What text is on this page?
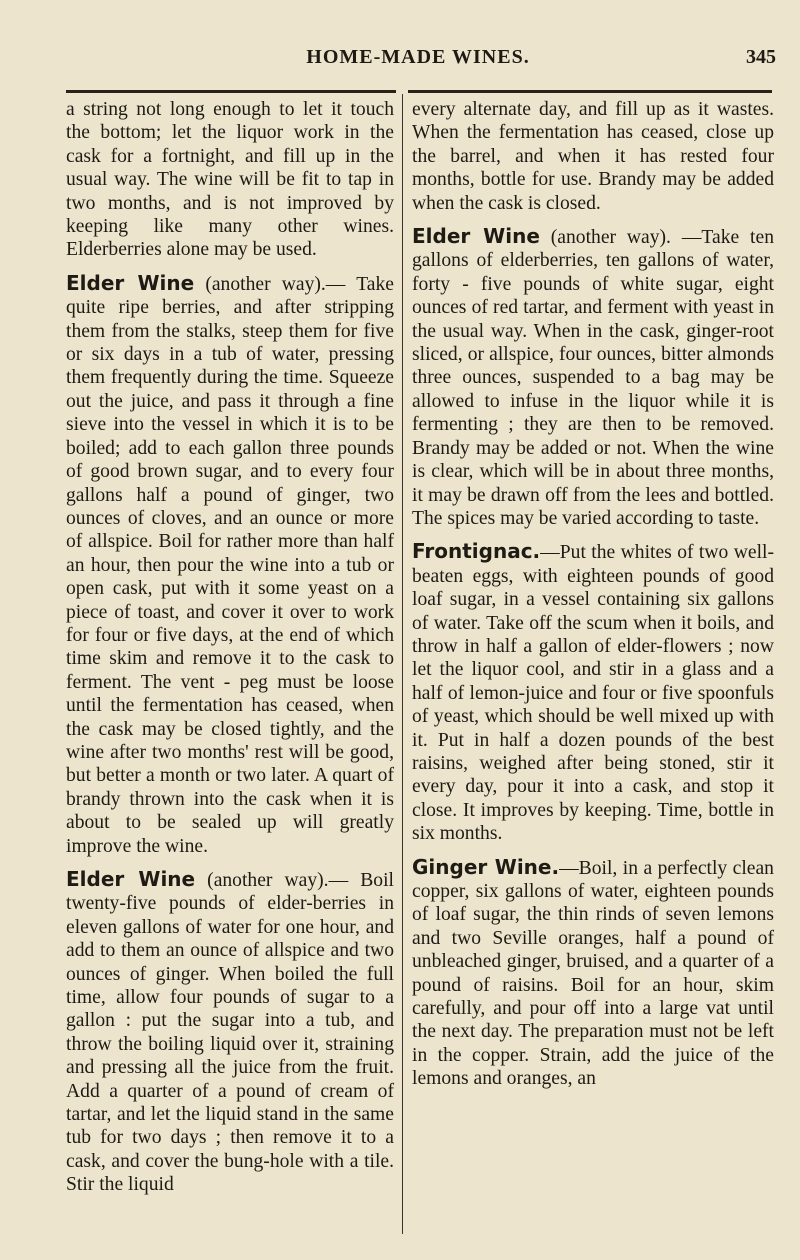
HOME-MADE WINES.	345

a string not long enough to let it touch the bottom; let the liquor work in the cask for a fortnight, and fill up in the usual way. The wine will be fit to tap in two months, and is not improved by keeping like many other wines. Elderberries alone may be used.

Elder Wine (another way).— Take quite ripe berries, and after stripping them from the stalks, steep them for five or six days in a tub of water, pressing them frequently during the time. Squeeze out the juice, and pass it through a fine sieve into the vessel in which it is to be boiled; add to each gallon three pounds of good brown sugar, and to every four gallons half a pound of ginger, two ounces of cloves, and an ounce or more of allspice. Boil for rather more than half an hour, then pour the wine into a tub or open cask, put with it some yeast on a piece of toast, and cover it over to work for four or five days, at the end of which time skim and remove it to the cask to ferment. The vent - peg must be loose until the fermentation has ceased, when the cask may be closed tightly, and the wine after two months' rest will be good, but better a month or two later. A quart of brandy thrown into the cask when it is about to be sealed up will greatly improve the wine.

Elder Wine (another way).— Boil twenty-five pounds of elder-berries in eleven gallons of water for one hour, and add to them an ounce of allspice and two ounces of ginger. When boiled the full time, allow four pounds of sugar to a gallon : put the sugar into a tub, and throw the boiling liquid over it, straining and pressing all the juice from the fruit. Add a quarter of a pound of cream of tartar, and let the liquid stand in the same tub for two days ; then remove it to a cask, and cover the bung-hole with a tile. Stir the liquid

every alternate day, and fill up as it wastes. When the fermentation has ceased, close up the barrel, and when it has rested four months, bottle for use. Brandy may be added when the cask is closed.

Elder Wine (another way). —Take ten gallons of elderberries, ten gallons of water, forty - five pounds of white sugar, eight ounces of red tartar, and ferment with yeast in the usual way. When in the cask, ginger-root sliced, or allspice, four ounces, bitter almonds three ounces, suspended to a bag may be allowed to infuse in the liquor while it is fermenting ; they are then to be removed. Brandy may be added or not. When the wine is clear, which will be in about three months, it may be drawn off from the lees and bottled. The spices may be varied according to taste.

Frontignac.—Put the whites of two well-beaten eggs, with eighteen pounds of good loaf sugar, in a vessel containing six gallons of water. Take off the scum when it boils, and throw in half a gallon of elder-flowers ; now let the liquor cool, and stir in a glass and a half of lemon-juice and four or five spoonfuls of yeast, which should be well mixed up with it. Put in half a dozen pounds of the best raisins, weighed after being stoned, stir it every day, pour it into a cask, and stop it close. It improves by keeping. Time, bottle in six months.

Ginger Wine.—Boil, in a perfectly clean copper, six gallons of water, eighteen pounds of loaf sugar, the thin rinds of seven lemons and two Seville oranges, half a pound of unbleached ginger, bruised, and a quarter of a pound of raisins. Boil for an hour, skim carefully, and pour off into a large vat until the next day. The preparation must not be left in the copper. Strain, add the juice of the lemons and oranges, an
